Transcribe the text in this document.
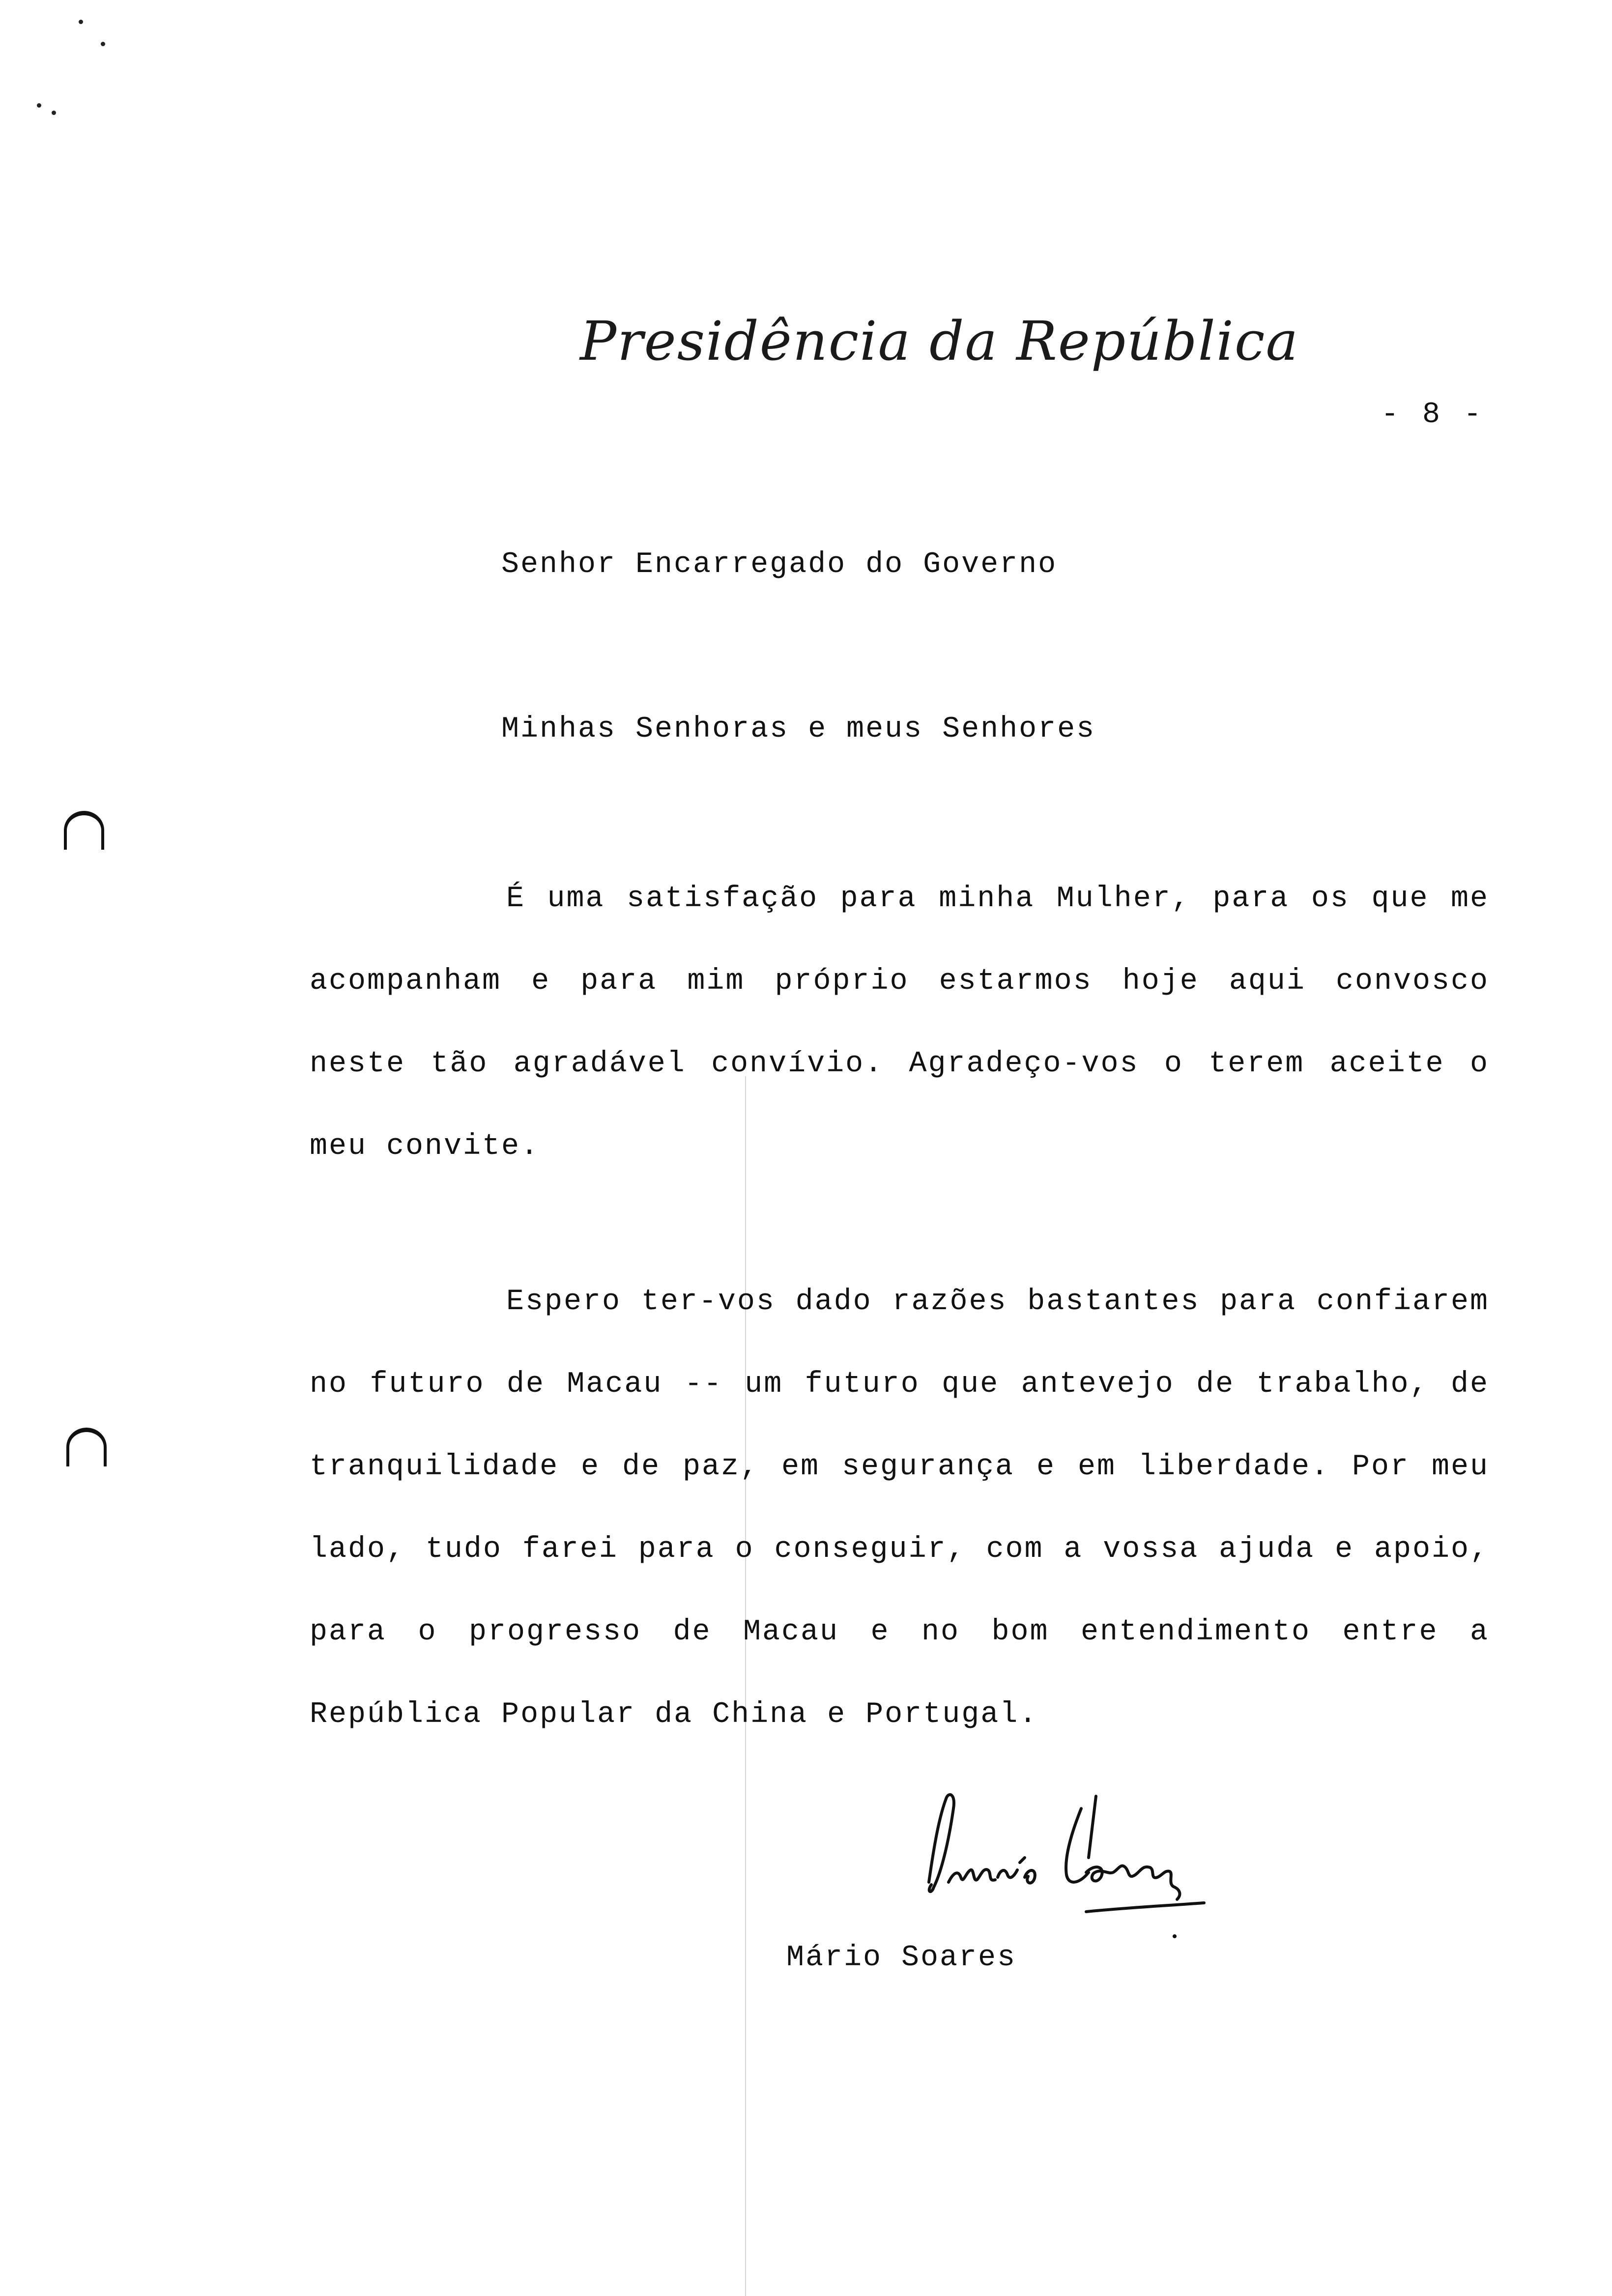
Presidência da República
- 8 -
Senhor Encarregado do Governo
Minhas Senhoras e meus Senhores

É uma satisfação para minha Mulher, para os que me acompanham e para mim próprio estarmos hoje aqui convosco neste tão agradável convívio. Agradeço-vos o terem aceite o meu convite.

Espero ter-vos dado razões bastantes para confiarem no futuro de Macau -- um futuro que antevejo de trabalho, de tranquilidade e de paz, em segurança e em liberdade. Por meu lado, tudo farei para o conseguir, com a vossa ajuda e apoio, para o progresso de Macau e no bom entendimento entre a República Popular da China e Portugal.

Mário Soares
